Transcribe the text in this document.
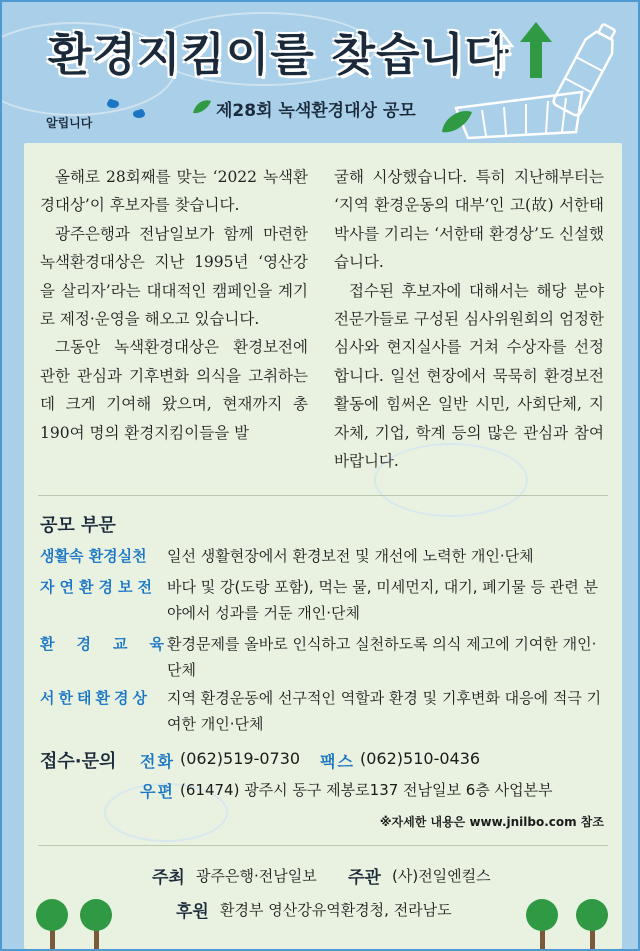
환경지킴이를 찾습니다
알립니다
제28회 녹색환경대상 공모

올해로 28회째를 맞는 ‘2022 녹색환경대상’이 후보자를 찾습니다.

광주은행과 전남일보가 함께 마련한 녹색환경대상은 지난 1995년 ‘영산강을 살리자’라는 대대적인 캠페인을 계기로 제정·운영을 해오고 있습니다.

그동안 녹색환경대상은 환경보전에 관한 관심과 기후변화 의식을 고취하는 데 크게 기여해 왔으며, 현재까지 총 190여 명의 환경지킴이들을 발

굴해 시상했습니다. 특히 지난해부터는 ‘지역 환경운동의 대부’인 고(故) 서한태 박사를 기리는 ‘서한태 환경상’도 신설했습니다.

접수된 후보자에 대해서는 해당 분야 전문가들로 구성된 심사위원회의 엄정한 심사와 현지실사를 거쳐 수상자를 선정합니다. 일선 현장에서 묵묵히 환경보전 활동에 힘써온 일반 시민, 사회단체, 지자체, 기업, 학계 등의 많은 관심과 참여 바랍니다.

공모 부문
생활속 환경실천 일선 생활현장에서 환경보전 및 개선에 노력한 개인·단체
자연환경보전 바다 및 강(도랑 포함), 먹는 물, 미세먼지, 대기, 폐기물 등 관련 분야에서 성과를 거둔 개인·단체
환경교육
환경문제를 올바로 인식하고 실천하도록 의식 제고에 기여한 개인·단체
서한태환경상 지역 환경운동에 선구적인 역할과 환경 및 기후변화 대응에 적극 기여한 개인·단체
접수·문의 전화 (062)519-0730 팩스 (062)510-0436
우편 (61474) 광주시 동구 제봉로137 전남일보 6층 사업본부
※자세한 내용은 www.jnilbo.com 참조
주최 광주은행·전남일보 주관 (사)전일엔컬스
후원 환경부 영산강유역환경청, 전라남도
